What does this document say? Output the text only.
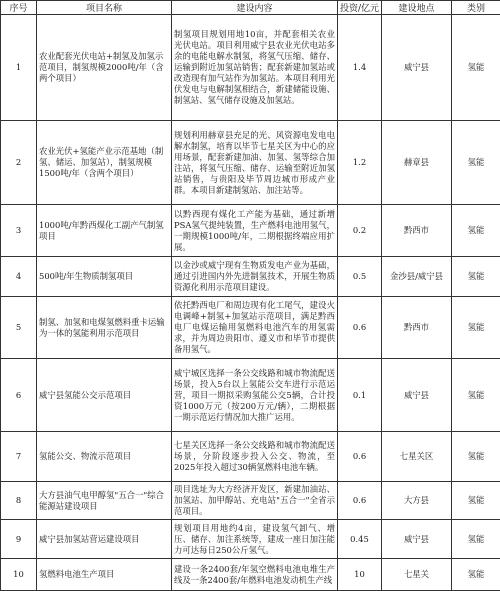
序号	项目名称	建设内容	投资/亿元	建设地点	类别
1	农业配套光伏电站+制氢及加氢示范项目，制氢规模2000吨/年（含两个项目）	制氢项目规划用地10亩，并配套相关农业光伏电站。项目利用威宁县农业光伏电站多余的电能电解水制氢，将氢气压缩、储存、运输到附近加氢站销售；配套新建加氢站或改造现有加气站作为加氢站。本项目利用光伏发电与电解制氢相结合，新建储能设施、制氢站、氢气储存设施及加氢站。	1.4	威宁县	氢能
2	农业光伏+氢能产业示范基地（制氢、储运、加氢站），制氢规模1500吨/年（含两个项目）	规划利用赫章县充足的光、风资源电发电电解水制氢，培育以毕节七星关区为中心的应用场景，配套新建加油、加氢、氢等综合加注站，将氢气压缩、储存、运输至附近加氢站销售，与贵阳及毕节周边城市形成产业群。本项目新建制氢站、加注站等。	1.2	赫章县	氢能
3	1000吨/年黔西煤化工副产气制氢项目	以黔西现有煤化工产能为基础，通过新增PSA氢气提纯装置，生产燃料电池用氢气，一期规模1000吨/年，二期根据终端应用扩展。	0.2	黔西市	氢能
4	500吨/年生物质制氢项目	以金沙或威宁现有生物质发电产业为基础，通过引进国内外先进制氢技术，开展生物质资源化利用示范项目建设。	0.5	金沙县/威宁县	氢能
5	制氢、加氢和电煤氢燃料重卡运输为一体的氢能利用示范项目	依托黔西电厂和周边现有化工尾气，建设火电调峰+制氢+加氢站示范项目，满足黔西电厂电煤运输用氢燃料电池汽车的用氢需求，并为周边贵阳市、遵义市和毕节市提供备用氢气。	0.6	黔西市	氢能
6	威宁县氢能公交示范项目	威宁城区选择一条公交线路和城市物流配送场景，投入5台以上氢能公交车进行示范运营，项目一期拟采购氢能公交5辆，合计投资1000万元（按200万元/辆），二期根据一期示范运行情况加大推广运用。	0.1	威宁县	氢能
7	氢能公交、物流示范项目	七星关区选择一条公交线路和城市物流配送场景，分阶段逐步投入公交、物流，至2025年投入超过30辆氢燃料电池车辆。	0.6	七星关区	氢能
8	大方县油气电甲醇氢"五合一"综合能源站建设项目	项目选址为大方经济开发区，新建加油站、加氢站、加甲醇站、充电站"五合一"全省示范项目。	0.6	大方县	氢能
9	威宁县加氢站营运建设项目	规划项目用地约4亩，建设氢气卸气、增压、储存、加注系统等，建成一座日加注能力可达每日250公斤氢气。	0.45	威宁县	氢能
10	氢燃料电池生产项目	建设一条2400套/年氢空燃料电池电堆生产线及一条2400套/年燃料电池发动机生产线	10	七星关	氢能
